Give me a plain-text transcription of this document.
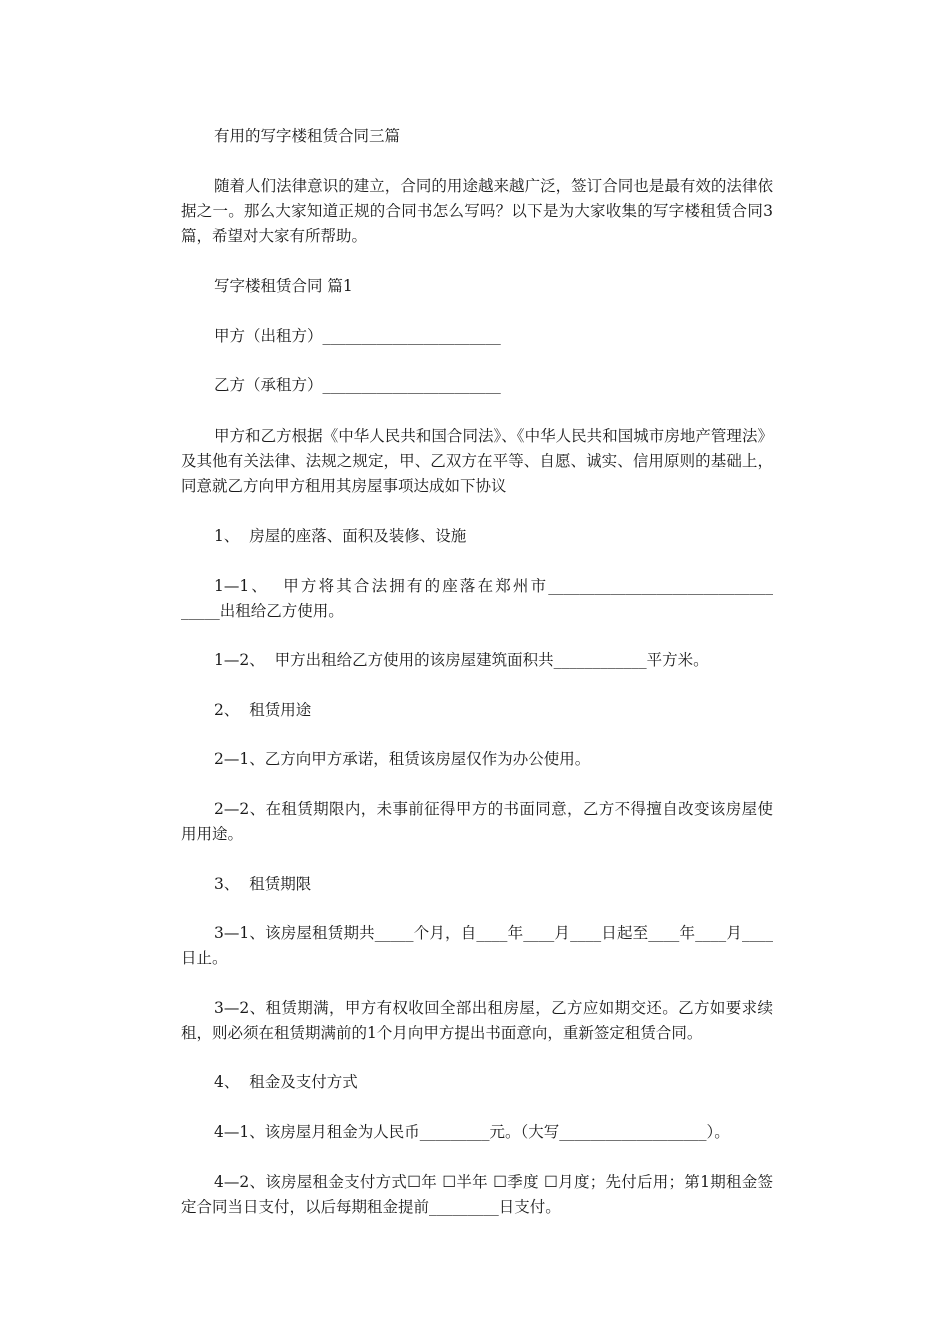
有用的写字楼租赁合同三篇

随着人们法律意识的建立，合同的用途越来越广泛，签订合同也是最有效的法律依据之一。那么大家知道正规的合同书怎么写吗？以下是为大家收集的写字楼租赁合同3篇，希望对大家有所帮助。

写字楼租赁合同 篇1

甲方（出租方）_______________________

乙方（承租方）_______________________

甲方和乙方根据《中华人民共和国合同法》、《中华人民共和国城市房地产管理法》及其他有关法律、法规之规定，甲、乙双方在平等、自愿、诚实、信用原则的基础上，同意就乙方向甲方租用其房屋事项达成如下协议

1、  房屋的座落、面积及装修、设施

1—1、  甲方将其合法拥有的座落在郑州市_____________________________ _____出租给乙方使用。

1—2、  甲方出租给乙方使用的该房屋建筑面积共____________平方米。

2、  租赁用途

2—1、乙方向甲方承诺，租赁该房屋仅作为办公使用。

2—2、在租赁期限内，未事前征得甲方的书面同意，乙方不得擅自改变该房屋使用用途。

3、  租赁期限

3—1、该房屋租赁期共_____个月，自____年____月____日起至____年____月____日止。

3—2、租赁期满，甲方有权收回全部出租房屋，乙方应如期交还。乙方如要求续租，则必须在租赁期满前的1个月向甲方提出书面意向，重新签定租赁合同。

4、  租金及支付方式

4—1、该房屋月租金为人民币_________元。（大写___________________）。

4—2、该房屋租金支付方式☐年 ☐半年 ☐季度 ☐月度；先付后用；第1期租金签定合同当日支付，以后每期租金提前_________日支付。
